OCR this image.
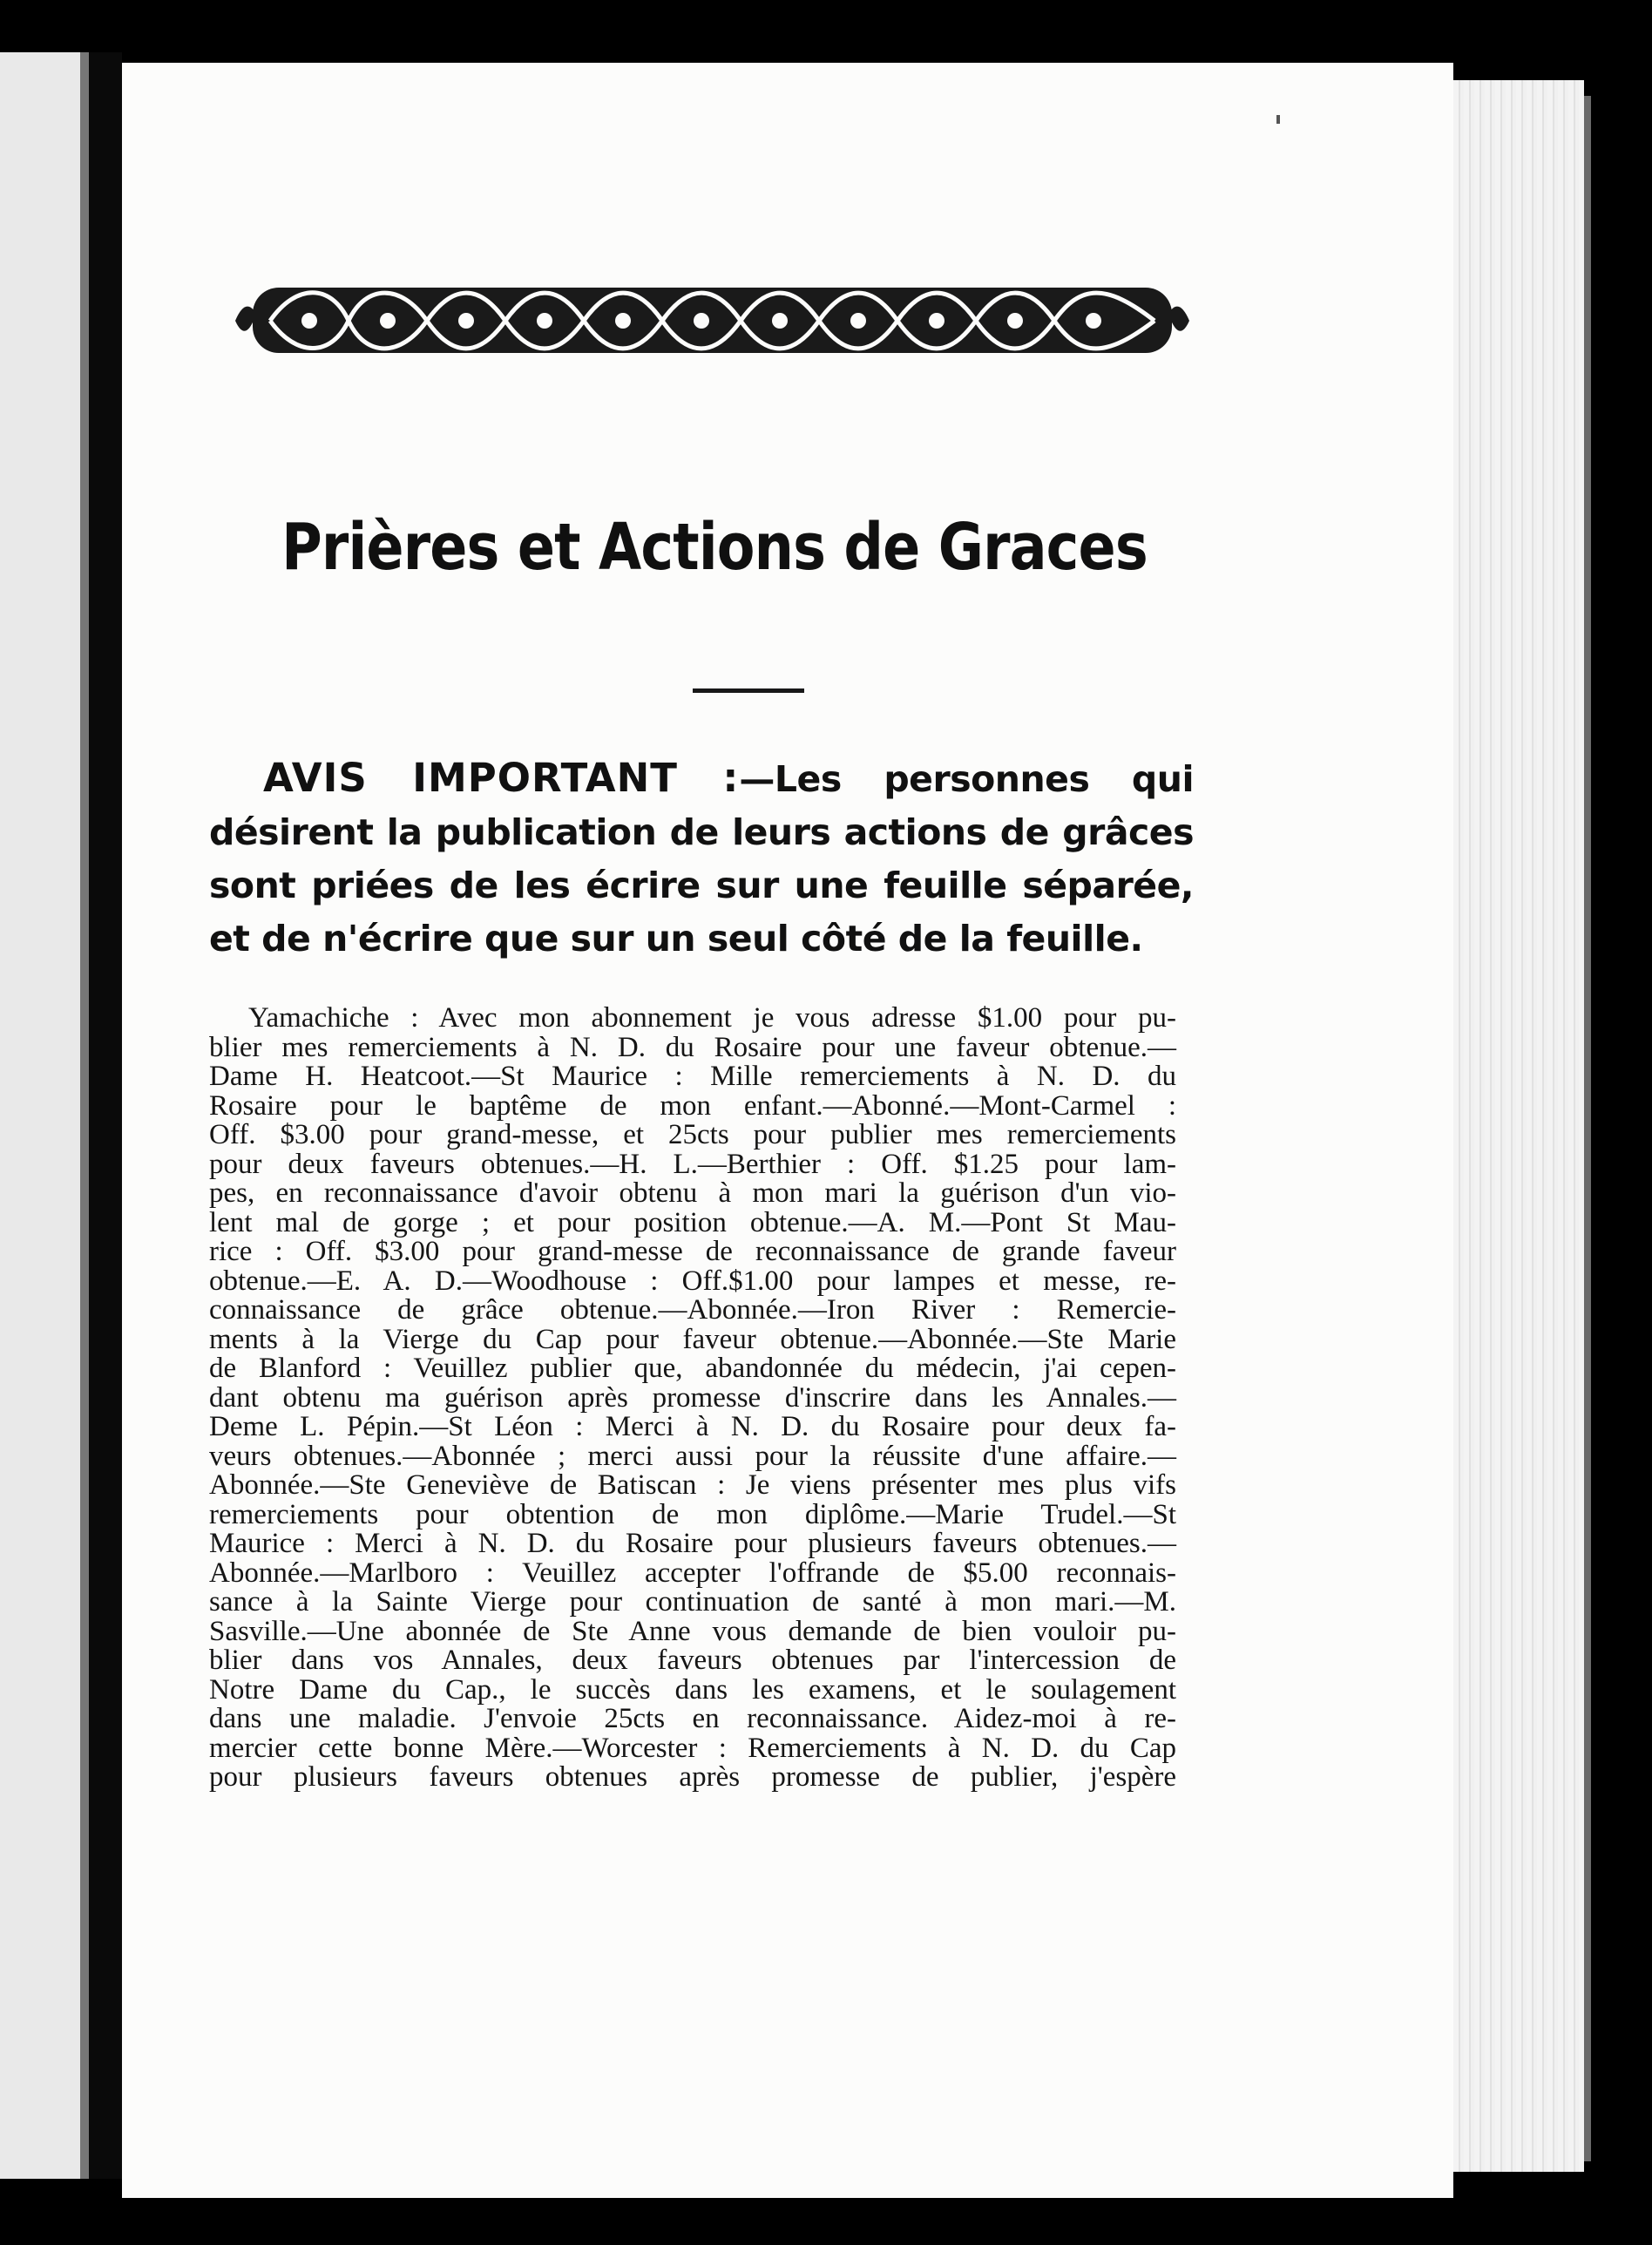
Prières et Actions de Graces
AVIS IMPORTANT :—Les personnes qui désirent la publication de leurs actions de grâces sont priées de les écrire sur une feuille séparée, et de n'écrire que sur un seul côté de la feuille.
Yamachiche : Avec mon abonnement je vous adresse $1.00 pour pu-
blier mes remerciements à N. D. du Rosaire pour une faveur obtenue.—
Dame H. Heatcoot.—St Maurice : Mille remerciements à N. D. du
Rosaire pour le baptême de mon enfant.—Abonné.—Mont-Carmel :
Off. $3.00 pour grand-messe, et 25cts pour publier mes remerciements
pour deux faveurs obtenues.—H. L.—Berthier : Off. $1.25 pour lam-
pes, en reconnaissance d'avoir obtenu à mon mari la guérison d'un vio-
lent mal de gorge ; et pour position obtenue.—A. M.—Pont St Mau-
rice : Off. $3.00 pour grand-messe de reconnaissance de grande faveur
obtenue.—E. A. D.—Woodhouse : Off.$1.00 pour lampes et messe, re-
connaissance de grâce obtenue.—Abonnée.—Iron River : Remercie-
ments à la Vierge du Cap pour faveur obtenue.—Abonnée.—Ste Marie
de Blanford : Veuillez publier que, abandonnée du médecin, j'ai cepen-
dant obtenu ma guérison après promesse d'inscrire dans les Annales.—
Deme L. Pépin.—St Léon : Merci à N. D. du Rosaire pour deux fa-
veurs obtenues.—Abonnée ; merci aussi pour la réussite d'une affaire.—
Abonnée.—Ste Geneviève de Batiscan : Je viens présenter mes plus vifs
remerciements pour obtention de mon diplôme.—Marie Trudel.—St
Maurice : Merci à N. D. du Rosaire pour plusieurs faveurs obtenues.—
Abonnée.—Marlboro : Veuillez accepter l'offrande de $5.00 reconnais-
sance à la Sainte Vierge pour continuation de santé à mon mari.—M.
Sasville.—Une abonnée de Ste Anne vous demande de bien vouloir pu-
blier dans vos Annales, deux faveurs obtenues par l'intercession de
Notre Dame du Cap., le succès dans les examens, et le soulagement
dans une maladie. J'envoie 25cts en reconnaissance. Aidez-moi à re-
mercier cette bonne Mère.—Worcester : Remerciements à N. D. du Cap
pour plusieurs faveurs obtenues après promesse de publier, j'espère
